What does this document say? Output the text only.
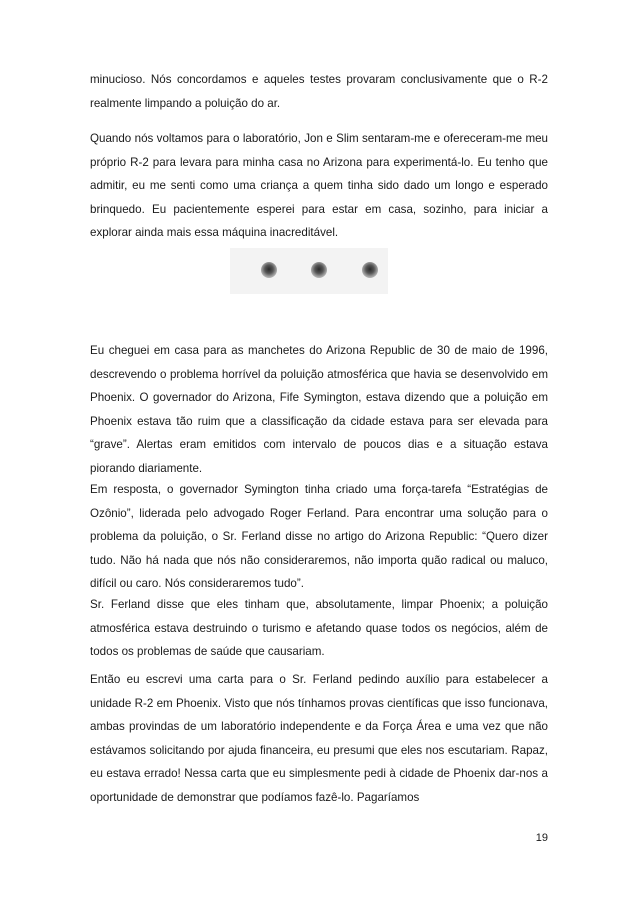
minucioso. Nós concordamos e aqueles testes provaram conclusivamente que o R-2 realmente limpando a poluição do ar.

Quando nós voltamos para o laboratório, Jon e Slim sentaram-me e ofereceram-me meu próprio R-2 para levara para minha casa no Arizona para experimentá-lo. Eu tenho que admitir, eu me senti como uma criança a quem tinha sido dado um longo e esperado brinquedo. Eu pacientemente esperei para estar em casa, sozinho, para iniciar a explorar ainda mais essa máquina inacreditável.

Eu cheguei em casa para as manchetes do Arizona Republic de 30 de maio de 1996, descrevendo o problema horrível da poluição atmosférica que havia se desenvolvido em Phoenix. O governador do Arizona, Fife Symington, estava dizendo que a poluição em Phoenix estava tão ruim que a classificação da cidade estava para ser elevada para “grave”. Alertas eram emitidos com intervalo de poucos dias e a situação estava piorando diariamente.

Em resposta, o governador Symington tinha criado uma força-tarefa “Estratégias de Ozônio”, liderada pelo advogado Roger Ferland. Para encontrar uma solução para o problema da poluição, o Sr. Ferland disse no artigo do Arizona Republic: “Quero dizer tudo. Não há nada que nós não consideraremos, não importa quão radical ou maluco, difícil ou caro. Nós consideraremos tudo”.

Sr. Ferland disse que eles tinham que, absolutamente, limpar Phoenix; a poluição atmosférica estava destruindo o turismo e afetando quase todos os negócios, além de todos os problemas de saúde que causariam.

Então eu escrevi uma carta para o Sr. Ferland pedindo auxílio para estabelecer a unidade R-2 em Phoenix. Visto que nós tínhamos provas científicas que isso funcionava, ambas provindas de um laboratório independente e da Força Área e uma vez que não estávamos solicitando por ajuda financeira, eu presumi que eles nos escutariam. Rapaz, eu estava errado! Nessa carta que eu simplesmente pedi à cidade de Phoenix dar-nos a oportunidade de demonstrar que podíamos fazê-lo. Pagaríamos

19
